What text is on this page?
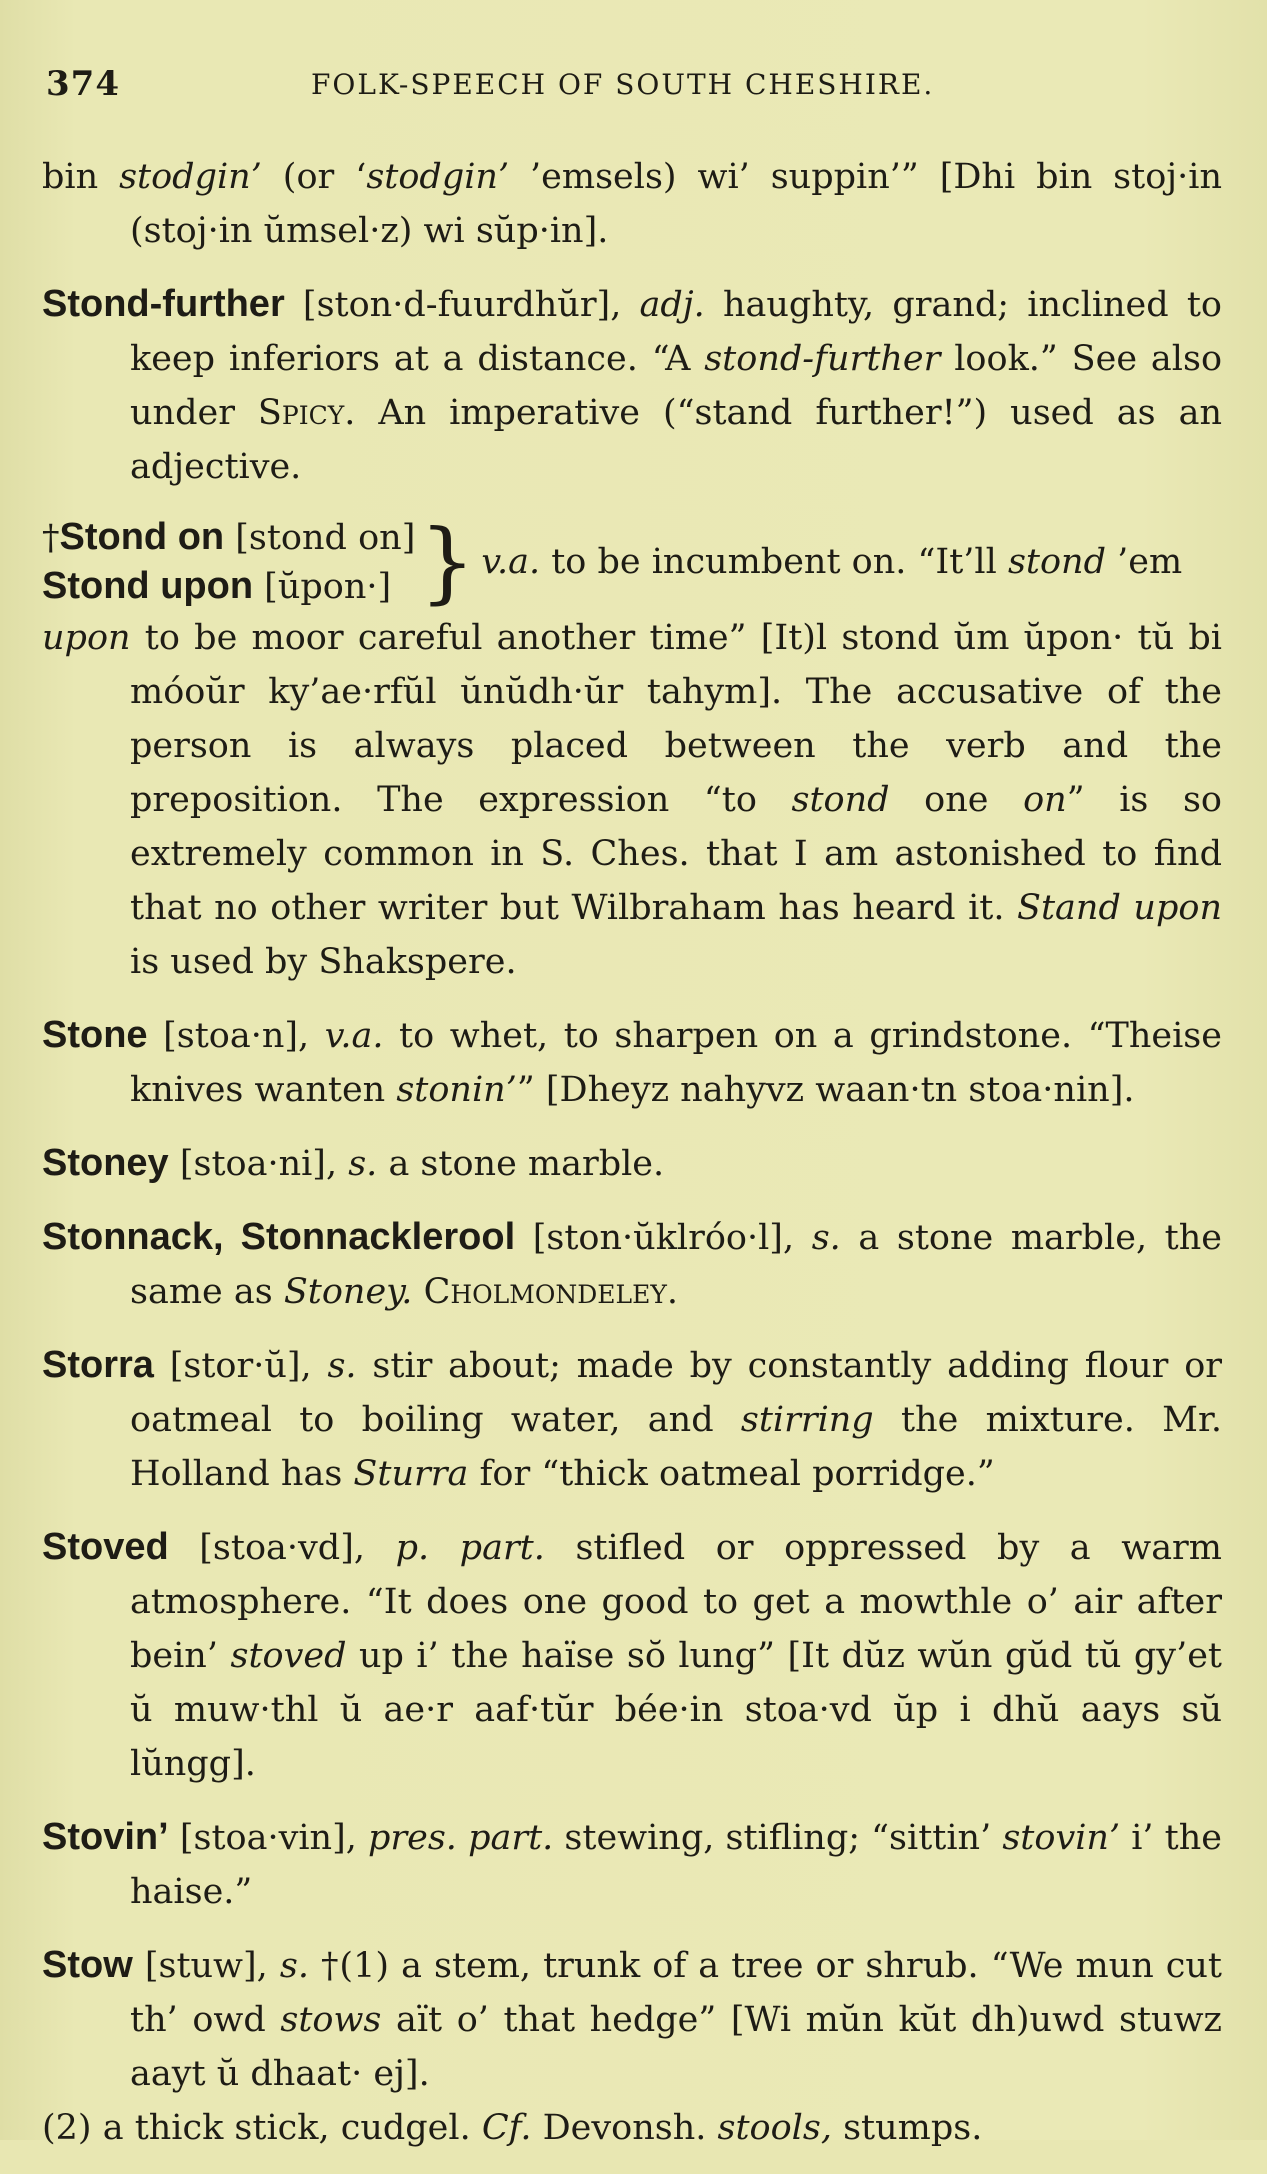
374	FOLK-SPEECH OF SOUTH CHESHIRE.

bin stodgin’ (or ‘stodgin’ ’emsels) wi’ suppin’” [Dhi bin stoj·in (stoj·in ŭmsel·z) wi sŭp·in].

Stond-further [ston·d-fuurdhŭr], adj. haughty, grand; inclined to keep inferiors at a distance. “A stond-further look.” See also under Spicy. An imperative (“stand further!”) used as an adjective.

†Stond on [stond on]
Stond upon [ŭpon·] } v.a. to be incumbent on. “It’ll stond ’em

upon to be moor careful another time” [It)l stond ŭm ŭpon· tŭ bi móoŭr ky’ae·rfŭl ŭnŭdh·ŭr tahym]. The accusative of the person is always placed between the verb and the preposition. The expression “to stond one on” is so extremely common in S. Ches. that I am astonished to find that no other writer but Wilbraham has heard it. Stand upon is used by Shakspere.

Stone [stoa·n], v.a. to whet, to sharpen on a grindstone. “Theise knives wanten stonin’” [Dheyz nahyvz waan·tn stoa·nin].

Stoney [stoa·ni], s. a stone marble.

Stonnack, Stonnacklerool [ston·ŭklróo·l], s. a stone marble, the same as Stoney. Cholmondeley.

Storra [stor·ŭ], s. stir about; made by constantly adding flour or oatmeal to boiling water, and stirring the mixture. Mr. Holland has Sturra for “thick oatmeal porridge.”

Stoved [stoa·vd], p. part. stifled or oppressed by a warm atmosphere. “It does one good to get a mowthle o’ air after bein’ stoved up i’ the haïse sŏ lung” [It dŭz wŭn gŭd tŭ gy’et ŭ muw·thl ŭ ae·r aaf·tŭr bée·in stoa·vd ŭp i dhŭ aays sŭ lŭngg].

Stovin’ [stoa·vin], pres. part. stewing, stifling; “sittin’ stovin’ i’ the haise.”

Stow [stuw], s. †(1) a stem, trunk of a tree or shrub. “We mun cut th’ owd stows aït o’ that hedge” [Wi mŭn kŭt dh)uwd stuwz aayt ŭ dhaat· ej].

(2) a thick stick, cudgel. Cf. Devonsh. stools, stumps.
